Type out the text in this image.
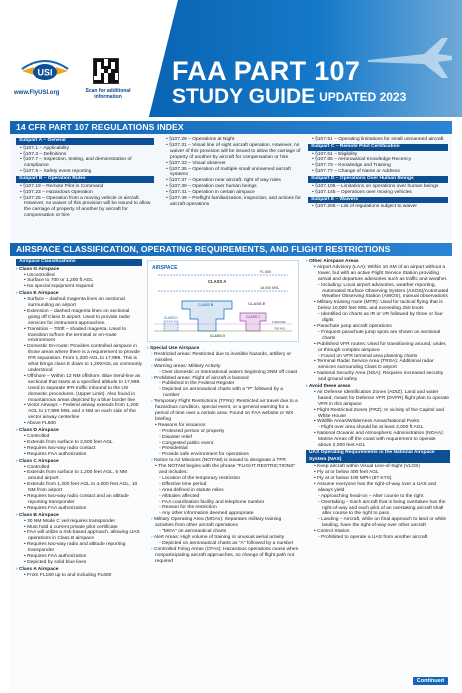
USI
www.FlyUSI.org	Scan for additional information
FAA PART 107
STUDY GUIDE UPDATED 2023
14 CFR PART 107 REGULATIONS INDEX
Subpart A – General
• §107.1 – Applicability
• §107.3 – Definitions
• §107.7 – Inspection, testing, and demonstration of compliance
• §107.9 – Safety event reporting
Subpart B – Operation Rules
• §107.19 – Remote Pilot in Command
• §107.23 – Hazardous Operation
• §107.25 – Operation from a moving vehicle or aircraft. However, no waiver of this provision will be issued to allow the carriage of property of another by aircraft for compensation or hire
• §107.29 – Operations at Night
• §107.31 – Visual line of sight aircraft operation. However, no waiver of this provision will be issued to allow the carriage of property of another by aircraft for compensation or hire
• §107.33 – Visual observer
• §107.35 – Operation of multiple small unmanned aircraft systems
• §107.37 – Operation near aircraft; right of way rules
• §107.39 – Operation over human beings
• §107.41 – Operation in certain airspace
• §107.49 – Preflight familiarization, inspection, and actions for aircraft operations
• §107.51 – Operating limitations for small unmanned aircraft
Subpart C – Remote Pilot Certification
• §107.61 – Eligibility
• §107.65 – Aeronautical Knowledge Recency
• §107.73 – Knowledge and Training
• §107.77 – Change of Name or Address
Subpart D – Operations Over Human Beings
• §107.105 – Limitations on operations over human beings
• §107.145 – Operations over moving vehicles
Subpart E – Waivers
• §107.205 – List of regulations subject to waiver
AIRSPACE CLASSIFICATION, OPERATING REQUIREMENTS, AND FLIGHT RESTRICTIONS
AIRSPACE
FL 600
CLASS A
18,000 MSL
CLASS E
CLASS B
CLASS C
CLASS D
1,200 AGL
700 AGL
CLASS G
Airspace Classifications
› Class G Airspace
• Uncontrolled
• Surface to 700 or 1,200 ft AGL
• No special equipment required
› Class E Airspace
• Surface – dashed magenta lines on sectional surrounding an airport
• Extension – dashed magenta lines on sectional going off Class D airport. Used to provide radar services for instrument approaches.
• Transition – 700ft – shaded magenta. Used to transition to/from the terminal or en-route environment
• Domestic En-route: Provides controlled airspace in those areas where there is a requirement to provide IFR separation. From 1,200 AGL to 17,999. This is what brings class E down to 1,200AGL as commonly understood
• Offshore – Within 12 NM offshore. Blue trend-line as sectional that starts at a specified altitude to 17,999. Used to separate IFR traffic inbound to the US domestic procedures. (Upper Limit). Also found in mountainous areas depicted by a blue border line
• Victor Airways – Federal airway extends from 1,200 AGL to 17,999 MSL and 4 NM on each side of the vector airway centerline
• Above FL600
› Class D Airspace
• Controlled
• Extends from surface to 2,500 feet AGL
• Requires two-way radio contact
• Requires FAA authorization
› Class C Airspace
• Controlled
• Extends from surface to 1,200 feet AGL, 5 NM around airport
• Extends from 1,200 feet AGL to 4,000 feet AGL, 10 NM from airport
• Requires two-way radio contact and an altitude reporting transponder
• Requires FAA authorization
› Class B Airspace
• 30 NM Mode C veil requires transponder
• Must hold a current private pilot certificate
• FAA will utilize a risk-based approach, allowing UAS operations in Class B airspace
• Requires two-way radio and altitude reporting transponder
• Requires FAA authorization
• Depicted by solid blue lines
› Class A Airspace
• From FL180 up to and including FL600
› Special Use Airspace
› Restricted areas: Restricted due to invisible hazards, artillery or missiles
› Warning areas: Military Activity
◦ Over domestic or international waters beginning 3NM off coast
› Prohibited areas: Flight of aircraft is banned
◦ Published in the Federal Register
◦ Depicted on aeronautical charts with a "P" followed by a number
› Temporary Flight Restrictions (TFRs): Restricted air travel due to a hazardous condition, special event, or a general warning for a period of time over a certain area. Found on FAA website or WX briefing
• Reasons for issuance:
◦ Protected person or property
◦ Disaster relief
◦ Congested public event
◦ Presidential
◦ Provide safe environment for operations
› Notice to Air Missions (NOTAM) is issued to designate a TFR
• The NOTAM begins with the phrase "FLIGHT RESTRICTIONS" and includes:
◦ Location of the temporary restriction
◦ Effective time period
◦ Area defined in statute miles
◦ Altitudes affected
◦ FAA coordination facility and telephone number
◦ Reason for the restriction
◦ Any other information deemed appropriate
› Military Operating Area (MOAs): Separates military training activities from other aircraft operations
◦ "MOA" on aeronautical charts
› Alert Areas: High volume of training or unusual aerial activity
◦ Depicted on aeronautical charts as "A" followed by a number
› Controlled Firing Areas (CFAs): Hazardous operations cease when nonparticipating aircraft approaches, so change of flight path not required
› Other Airspace Areas
• Airport Advisory (LAA): Within 10 SM of an airport without a tower, but with an active Flight Service Station providing arrival and departure advisories such as traffic and weather.
◦ Including: Local airport advisories, weather reporting, Automated Surface Observing System (ASOS)/Automated Weather Observing Station (AWOS), manual observations
• Military training route (MTR): Used for tactical flying that is below 10,000 feet MSL and exceeding 250 knots
◦ Identified on charts as IR or VR followed by three or four digits
• Parachute jump aircraft operations
◦ Frequent parachute jump spots are shown on sectional charts
• Published VFR routes: Used for transitioning around, under, or through complex airspace
◦ Found on VFR terminal area planning charts
• Terminal Radar Service Area (TRSA): Additional radar services surrounding Class D airport
• National Security Area (NSA): Requires increased security and ground safety
› Avoid these areas
• Air Defense Identification Zones (ADIZ): Land and water based, meant for Defense VFR (DVFR) flight plan to operate VFR in this airspace
• Flight Restricted Zones (FRZ): In vicinity of the Capitol and White House
• Wildlife Areas/Wilderness Areas/National Parks
◦ Flight over area should be at least 2,000 ft AGL
• National Oceanic and Atmospheric Administration (NOAA): Marine Areas off the coast with requirement to operate above 2,000 feet AGL
UAS Operating Requirements in the National Airspace System (NAS)
• Keep aircraft within Visual Line-of-Sight (VLOS)
• Fly at or below 400 feet AGL
• Fly at or below 100 MPH (87 KTS)
• Assume everyone has the right-of-way over a UAS and always yield
◦ Approaching head-on – Alter course to the right
◦ Overtaking – Each aircraft that is being overtaken has the right-of-way and each pilot of an overtaking aircraft shall alter course to the right to pass
◦ Landing – Aircraft, while on final approach to land or while landing, have the right-of-way over other aircraft
• Control Station
◦ Prohibited to operate a UAS from another aircraft
Continued
